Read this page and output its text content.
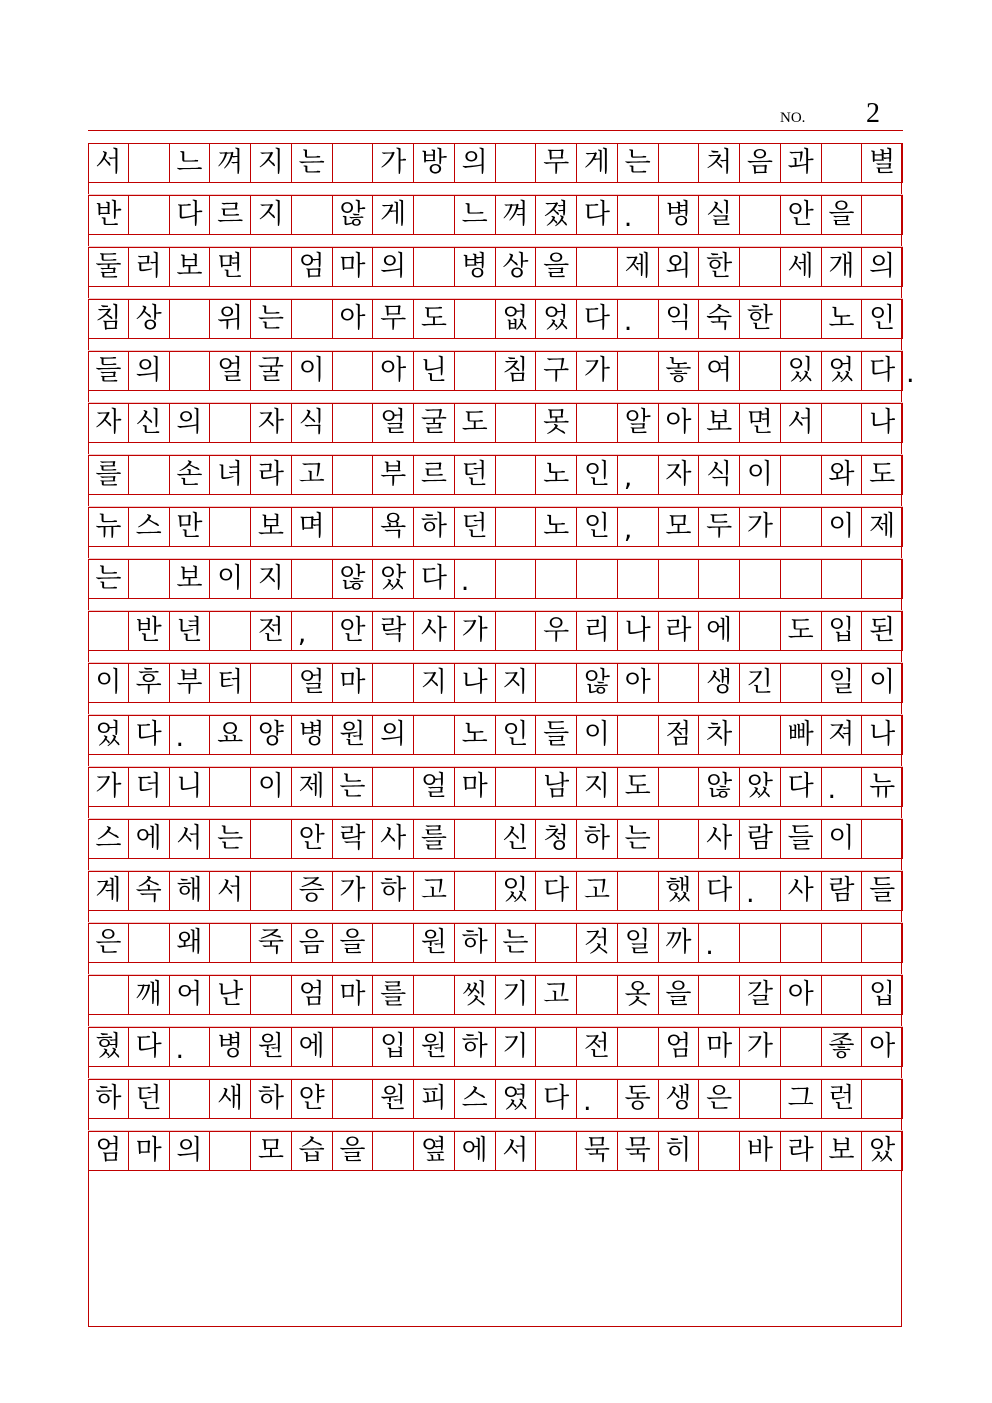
NO. 2
서 느 껴 지 는 가 방 의 무 게 는 처 음 과 별
반 다 르 지 않 게 느 껴 졌 다 .	병 실 안 을
둘 러 보 면 엄 마 의 병 상 을 제 외 한 세 개 의
침 상 위 는 아 무 도 없 었 다 .	익 숙 한 노 인
들 의 얼 굴 이 아 닌 침 구 가 놓 여 있 었 다 .
자 신 의 자 식 얼 굴 도 못 알 아 보 면 서 나
를 손 녀 라 고 부 르 던 노 인 ,	자 식 이 와 도
뉴 스 만 보 며 욕 하 던 노 인 ,	모 두 가 이 제
는 보 이 지 않 았 다 .
반 년 전 ,	안 락 사 가 우 리 나 라 에 도 입 된
이 후 부 터 얼 마 지 나 지 않 아 생 긴 일 이
었 다 .	요 양 병 원 의 노 인 들 이 점 차 빠 져 나
가 더 니 이 제 는 얼 마 남 지 도 않 았 다 .	뉴
스 에 서 는 안 락 사 를 신 청 하 는 사 람 들 이
계 속 해 서 증 가 하 고 있 다 고 했 다 .	사 람 들
은 왜 죽 음 을 원 하 는 것 일 까 .
깨 어 난 엄 마 를 씻 기 고 옷 을 갈 아 입
혔 다 .	병 원 에 입 원 하 기 전 엄 마 가 좋 아
하 던 새 하 얀 원 피 스 였 다 .	동 생 은 그 런
엄 마 의 모 습 을 옆 에 서 묵 묵 히 바 라 보 았
